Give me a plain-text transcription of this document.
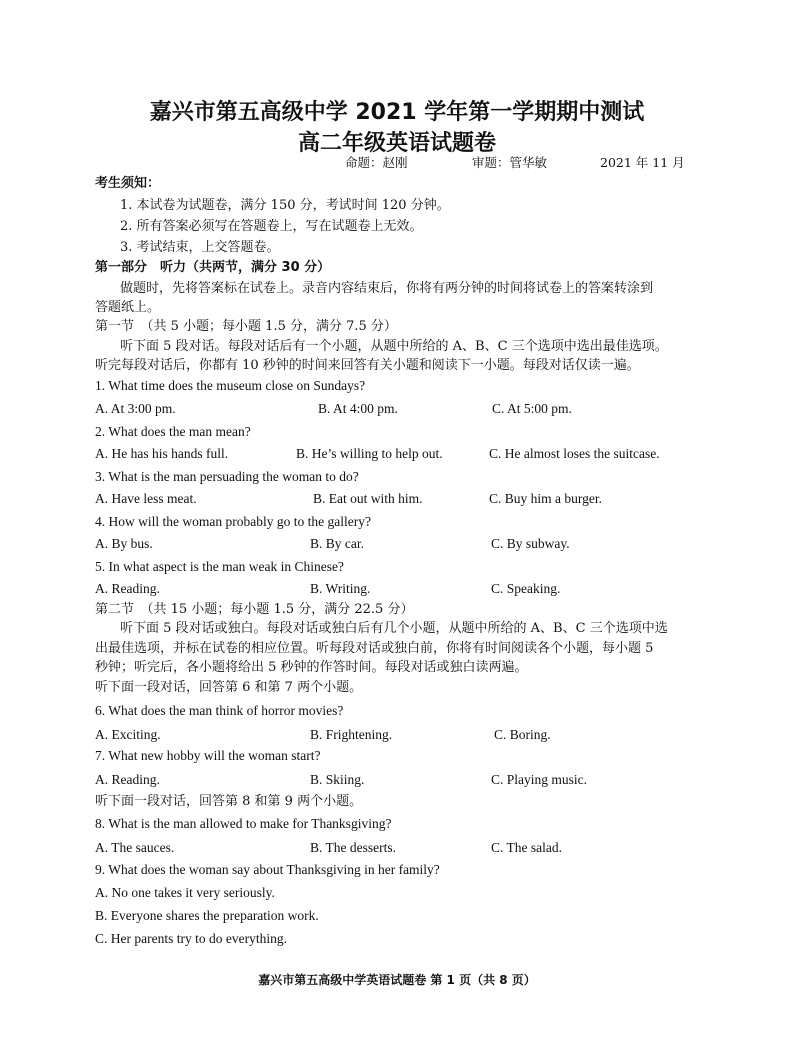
嘉兴市第五高级中学 2021 学年第一学期期中测试
高二年级英语试题卷
命题：赵刚	审题：管华敏	2021 年 11 月
考生须知：
1. 本试卷为试题卷，满分 150 分，考试时间 120 分钟。
2. 所有答案必须写在答题卷上，写在试题卷上无效。
3. 考试结束，上交答题卷。
第一部分　听力（共两节，满分 30 分）
做题时，先将答案标在试卷上。录音内容结束后，你将有两分钟的时间将试卷上的答案转涂到
答题纸上。
第一节　（共 5 小题；每小题 1.5 分，满分 7.5 分）
听下面 5 段对话。每段对话后有一个小题，从题中所给的 A、B、C 三个选项中选出最佳选项。
听完每段对话后，你都有 10 秒钟的时间来回答有关小题和阅读下一小题。每段对话仅读一遍。
1. What time does the museum close on Sundays?
A. At 3:00 pm.	B. At 4:00 pm.	C. At 5:00 pm.
2. What does the man mean?
A. He has his hands full.	B. He’s willing to help out.	C. He almost loses the suitcase.
3. What is the man persuading the woman to do?
A. Have less meat.	B. Eat out with him.	C. Buy him a burger.
4. How will the woman probably go to the gallery?
A. By bus.	B. By car.	C. By subway.
5. In what aspect is the man weak in Chinese?
A. Reading.	B. Writing.	C. Speaking.
第二节　（共 15 小题；每小题 1.5 分，满分 22.5 分）
听下面 5 段对话或独白。每段对话或独白后有几个小题，从题中所给的 A、B、C 三个选项中选
出最佳选项，并标在试卷的相应位置。听每段对话或独白前，你将有时间阅读各个小题，每小题 5
秒钟；听完后，各小题将给出 5 秒钟的作答时间。每段对话或独白读两遍。
听下面一段对话，回答第 6 和第 7 两个小题。
6. What does the man think of horror movies?
A. Exciting.	B. Frightening.	C. Boring.
7. What new hobby will the woman start?
A. Reading.	B. Skiing.	C. Playing music.
听下面一段对话，回答第 8 和第 9 两个小题。
8. What is the man allowed to make for Thanksgiving?
A. The sauces.	B. The desserts.	C. The salad.
9. What does the woman say about Thanksgiving in her family?
A. No one takes it very seriously.
B. Everyone shares the preparation work.
C. Her parents try to do everything.
嘉兴市第五高级中学英语试题卷 第 1 页（共 8 页）
